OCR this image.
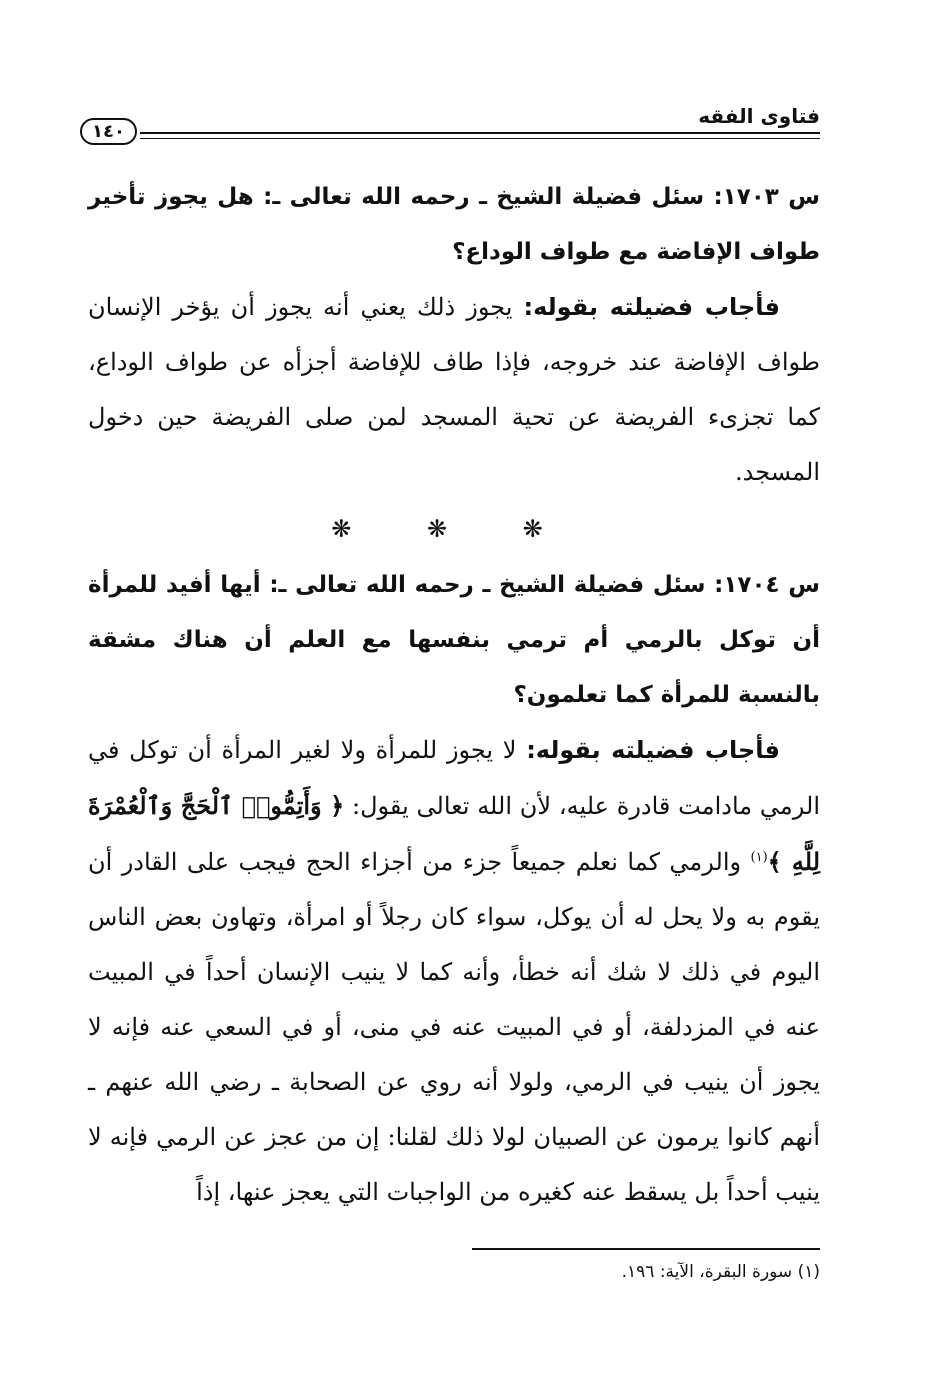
فتاوى الفقه
١٤٠

س ١٧٠٣: سئل فضيلة الشيخ ـ رحمه الله تعالى ـ: هل يجوز تأخير طواف الإفاضة مع طواف الوداع؟

فأجاب فضيلته بقوله: يجوز ذلك يعني أنه يجوز أن يؤخر الإنسان طواف الإفاضة عند خروجه، فإذا طاف للإفاضة أجزأه عن طواف الوداع، كما تجزىء الفريضة عن تحية المسجد لمن صلى الفريضة حين دخول المسجد.

❋ ❋ ❋

س ١٧٠٤: سئل فضيلة الشيخ ـ رحمه الله تعالى ـ: أيها أفيد للمرأة أن توكل بالرمي أم ترمي بنفسها مع العلم أن هناك مشقة بالنسبة للمرأة كما تعلمون؟

فأجاب فضيلته بقوله: لا يجوز للمرأة ولا لغير المرأة أن توكل في الرمي مادامت قادرة عليه، لأن الله تعالى يقول: ﴿ وَأَتِمُّوا۟ ٱلْحَجَّ وَٱلْعُمْرَةَ لِلَّهِ ﴾$^{(١)}$ والرمي كما نعلم جميعاً جزء من أجزاء الحج فيجب على القادر أن يقوم به ولا يحل له أن يوكل، سواء كان رجلاً أو امرأة، وتهاون بعض الناس اليوم في ذلك لا شك أنه خطأ، وأنه كما لا ينيب الإنسان أحداً في المبيت عنه في المزدلفة، أو في المبيت عنه في منى، أو في السعي عنه فإنه لا يجوز أن ينيب في الرمي، ولولا أنه روي عن الصحابة ـ رضي الله عنهم ـ أنهم كانوا يرمون عن الصبيان لولا ذلك لقلنا: إن من عجز عن الرمي فإنه لا ينيب أحداً بل يسقط عنه كغيره من الواجبات التي يعجز عنها، إذاً

(١) سورة البقرة، الآية: ١٩٦.
